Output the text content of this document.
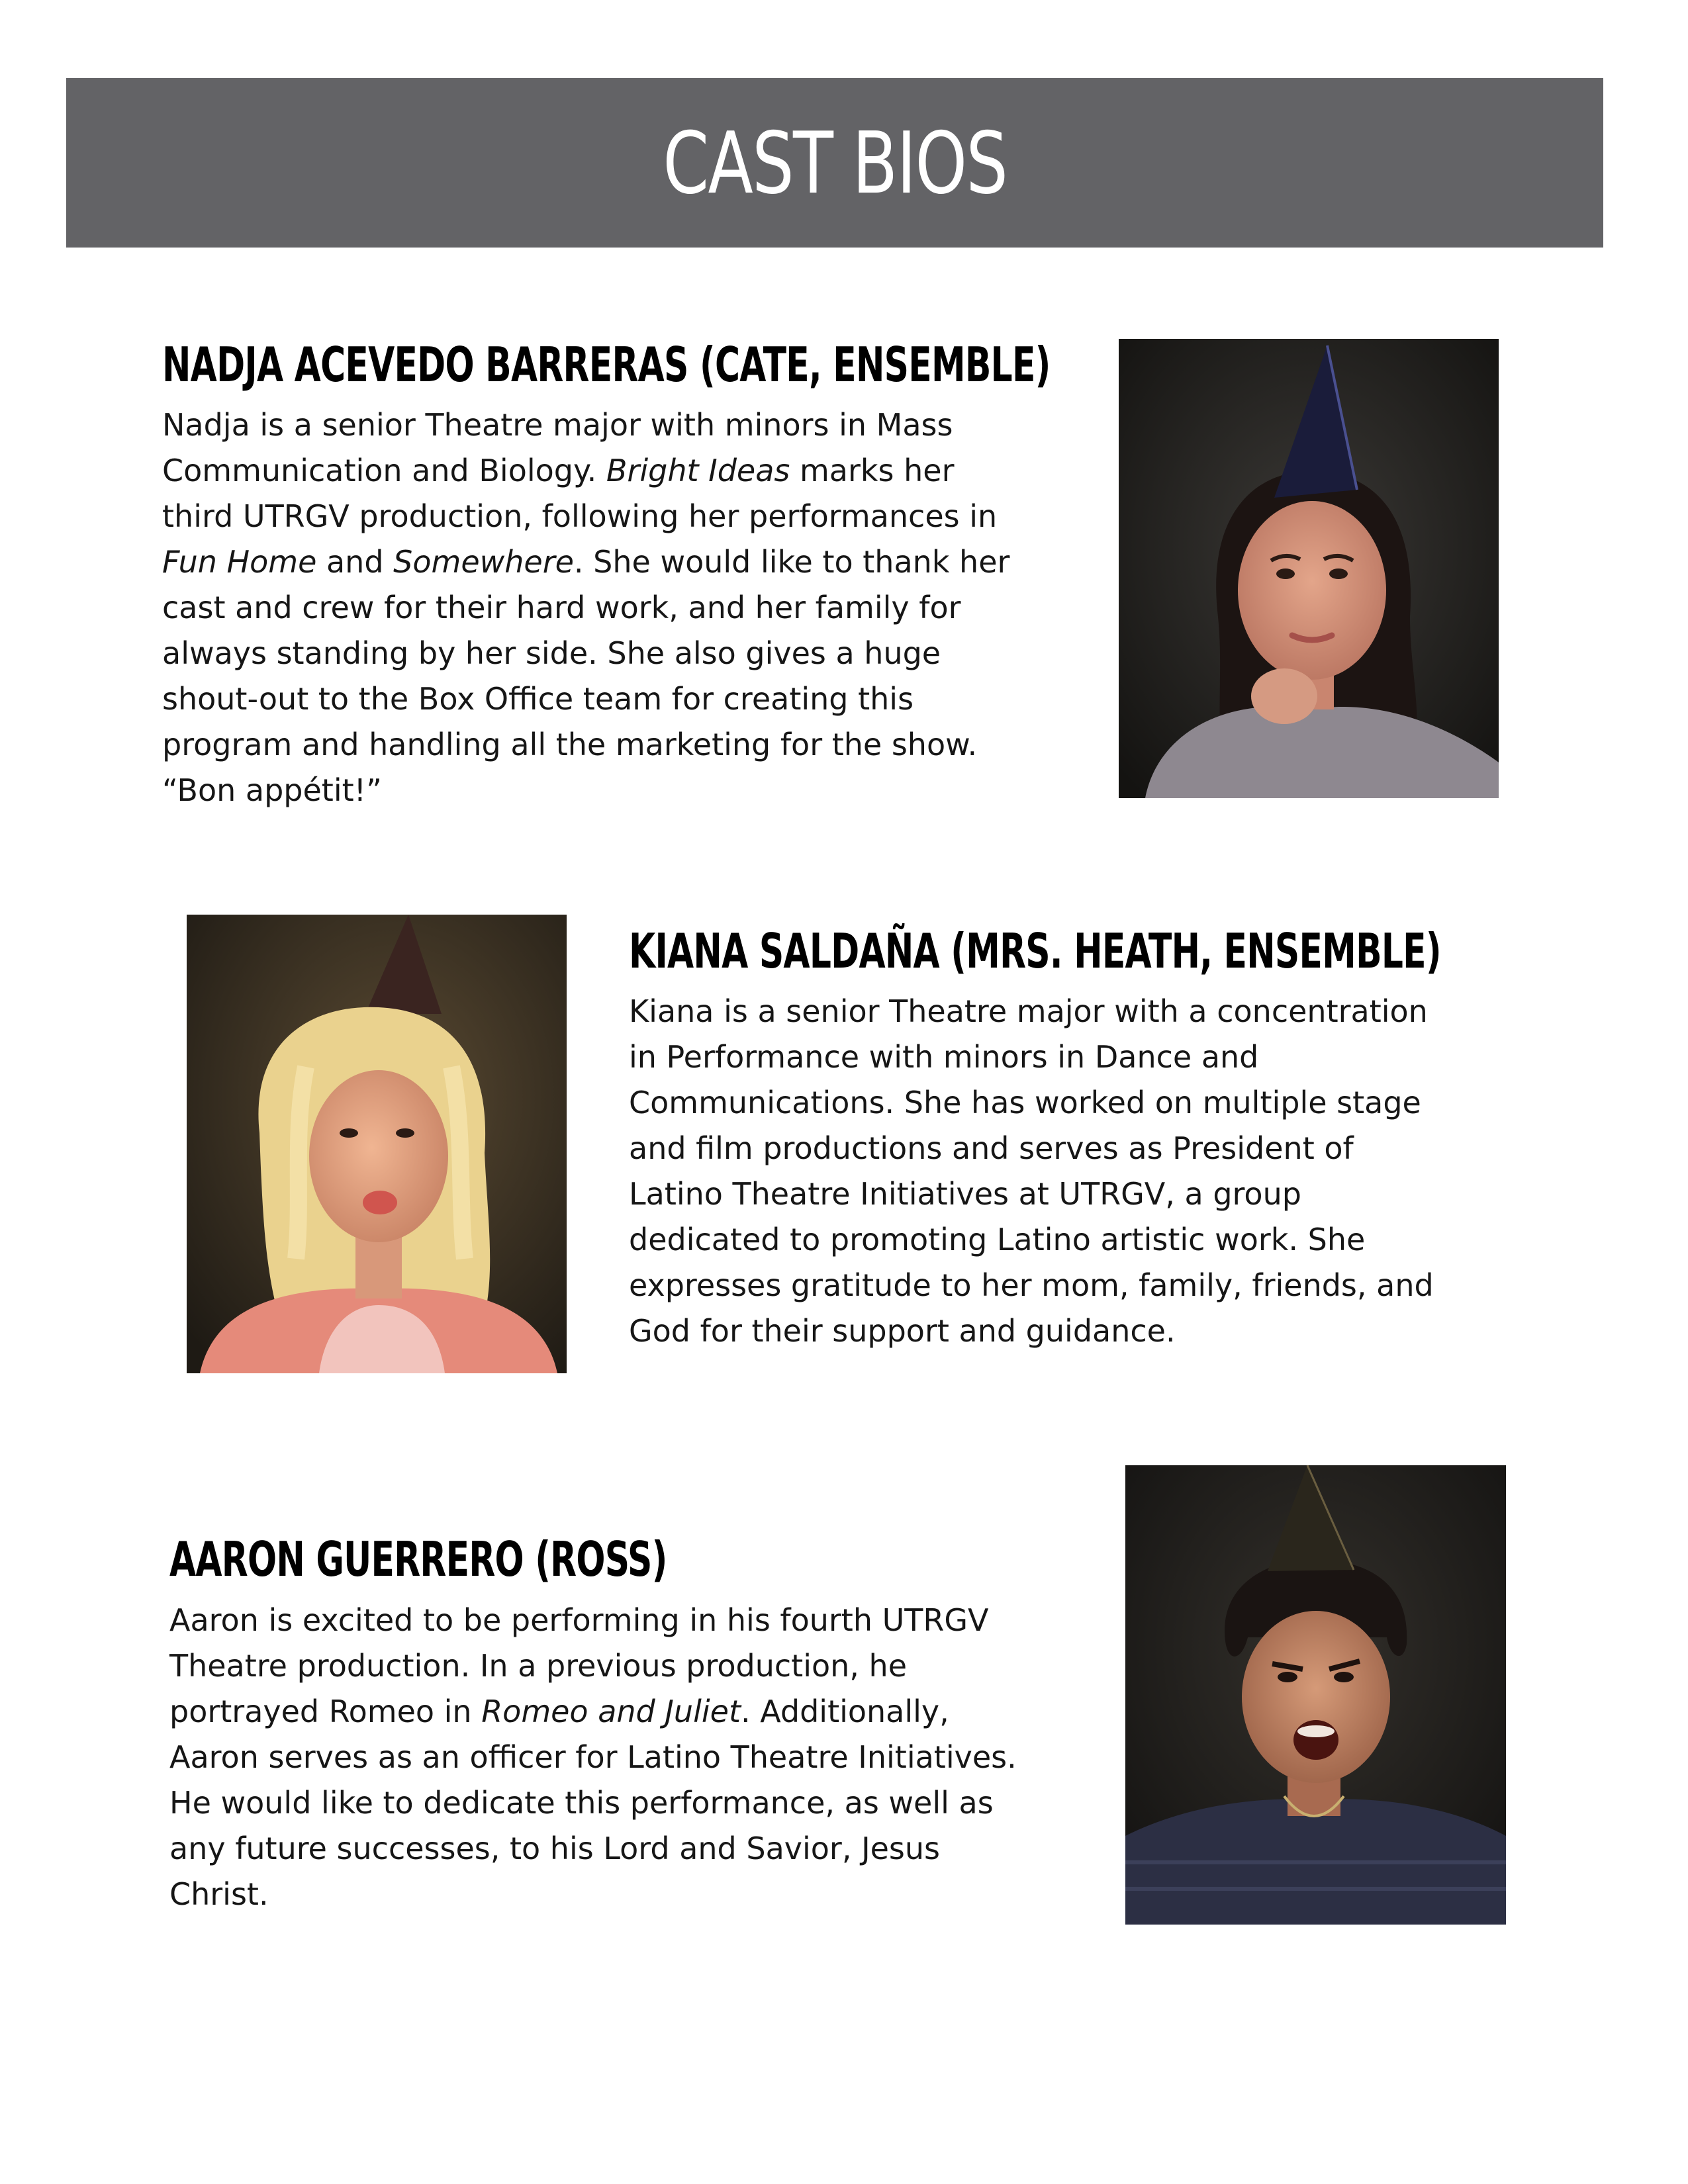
CAST BIOS
NADJA ACEVEDO BARRERAS (CATE, ENSEMBLE)
Nadja is a senior Theatre major with minors in Mass
Communication and Biology. Bright Ideas marks her
third UTRGV production, following her performances in
Fun Home and Somewhere. She would like to thank her
cast and crew for their hard work, and her family for
always standing by her side. She also gives a huge
shout-out to the Box Office team for creating this
program and handling all the marketing for the show.
“Bon appétit!”
KIANA SALDAÑA (MRS. HEATH, ENSEMBLE)
Kiana is a senior Theatre major with a concentration
in Performance with minors in Dance and
Communications. She has worked on multiple stage
and film productions and serves as President of
Latino Theatre Initiatives at UTRGV, a group
dedicated to promoting Latino artistic work. She
expresses gratitude to her mom, family, friends, and
God for their support and guidance.
AARON GUERRERO (ROSS)
Aaron is excited to be performing in his fourth UTRGV
Theatre production. In a previous production, he
portrayed Romeo in Romeo and Juliet. Additionally,
Aaron serves as an officer for Latino Theatre Initiatives.
He would like to dedicate this performance, as well as
any future successes, to his Lord and Savior, Jesus
Christ.
